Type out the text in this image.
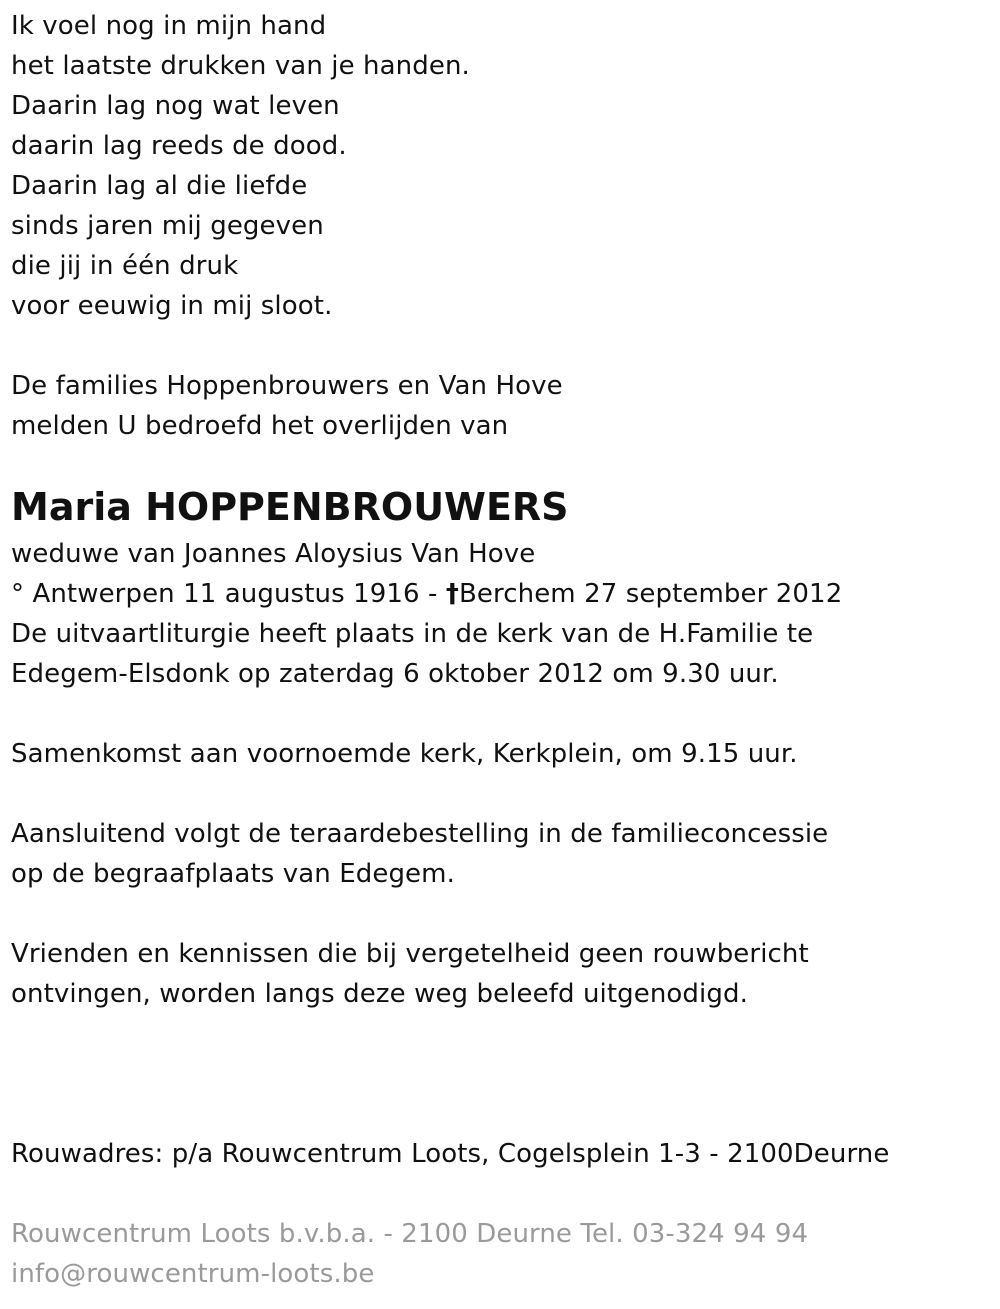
Ik voel nog in mijn hand
het laatste drukken van je handen.
Daarin lag nog wat leven
daarin lag reeds de dood.
Daarin lag al die liefde
sinds jaren mij gegeven
die jij in één druk
voor eeuwig in mij sloot.
De families Hoppenbrouwers en Van Hove
melden U bedroefd het overlijden van
Maria HOPPENBROUWERS
weduwe van Joannes Aloysius Van Hove
° Antwerpen 11 augustus 1916 - †Berchem 27 september 2012
De uitvaartliturgie heeft plaats in de kerk van de H.Familie te
Edegem-Elsdonk op zaterdag 6 oktober 2012 om 9.30 uur.
Samenkomst aan voornoemde kerk, Kerkplein, om 9.15 uur.
Aansluitend volgt de teraardebestelling in de familieconcessie
op de begraafplaats van Edegem.
Vrienden en kennissen die bij vergetelheid geen rouwbericht
ontvingen, worden langs deze weg beleefd uitgenodigd.
Rouwadres: p/a Rouwcentrum Loots, Cogelsplein 1-3 - 2100Deurne
Rouwcentrum Loots b.v.b.a. - 2100 Deurne Tel. 03-324 94 94
info@rouwcentrum-loots.be
